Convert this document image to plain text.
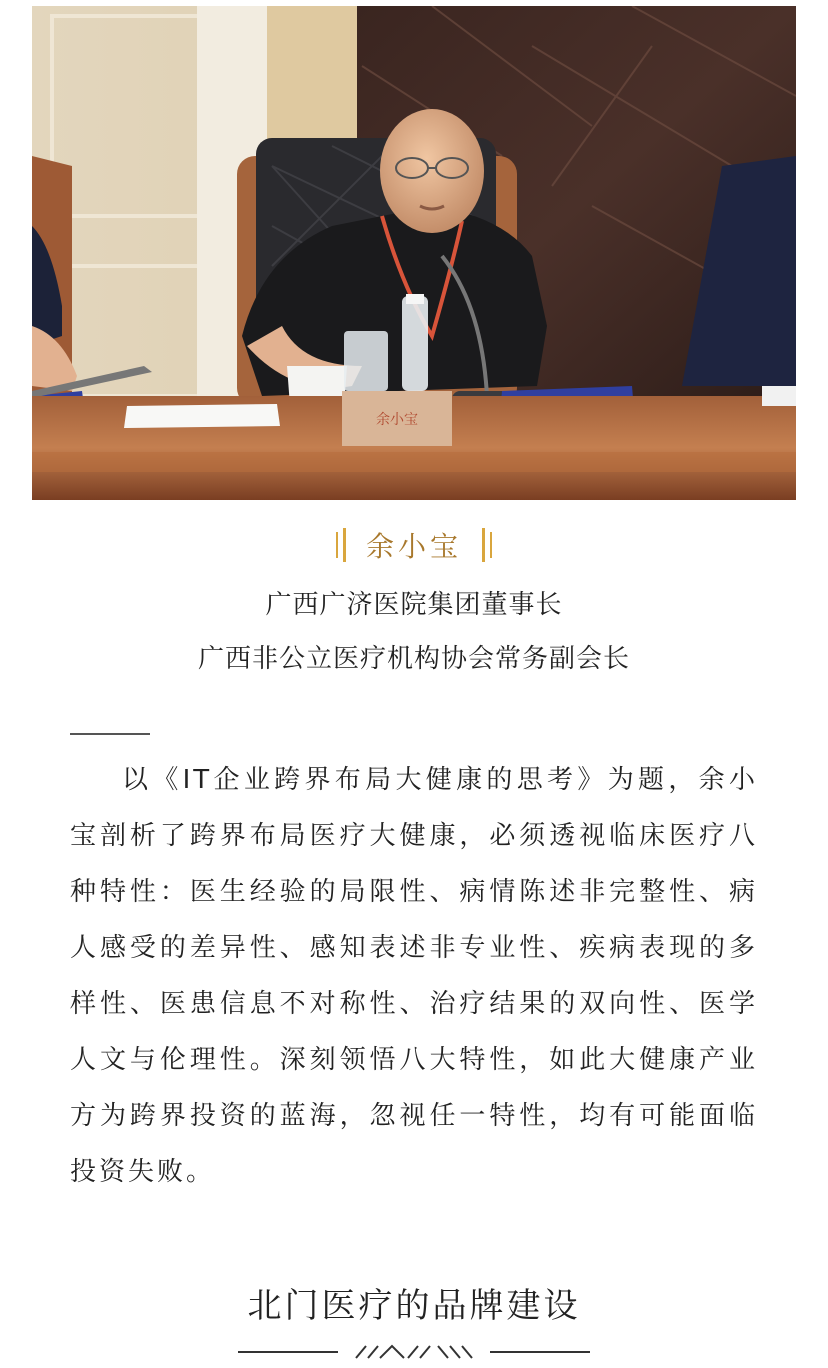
余小宝
余小宝
广西广济医院集团董事长
广西非公立医疗机构协会常务副会长

以《IT企业跨界布局大健康的思考》为题，余小宝剖析了跨界布局医疗大健康，必须透视临床医疗八种特性：医生经验的局限性、病情陈述非完整性、病人感受的差异性、感知表述非专业性、疾病表现的多样性、医患信息不对称性、治疗结果的双向性、医学人文与伦理性。深刻领悟八大特性，如此大健康产业方为跨界投资的蓝海，忽视任一特性，均有可能面临投资失败。

北门医疗的品牌建设
